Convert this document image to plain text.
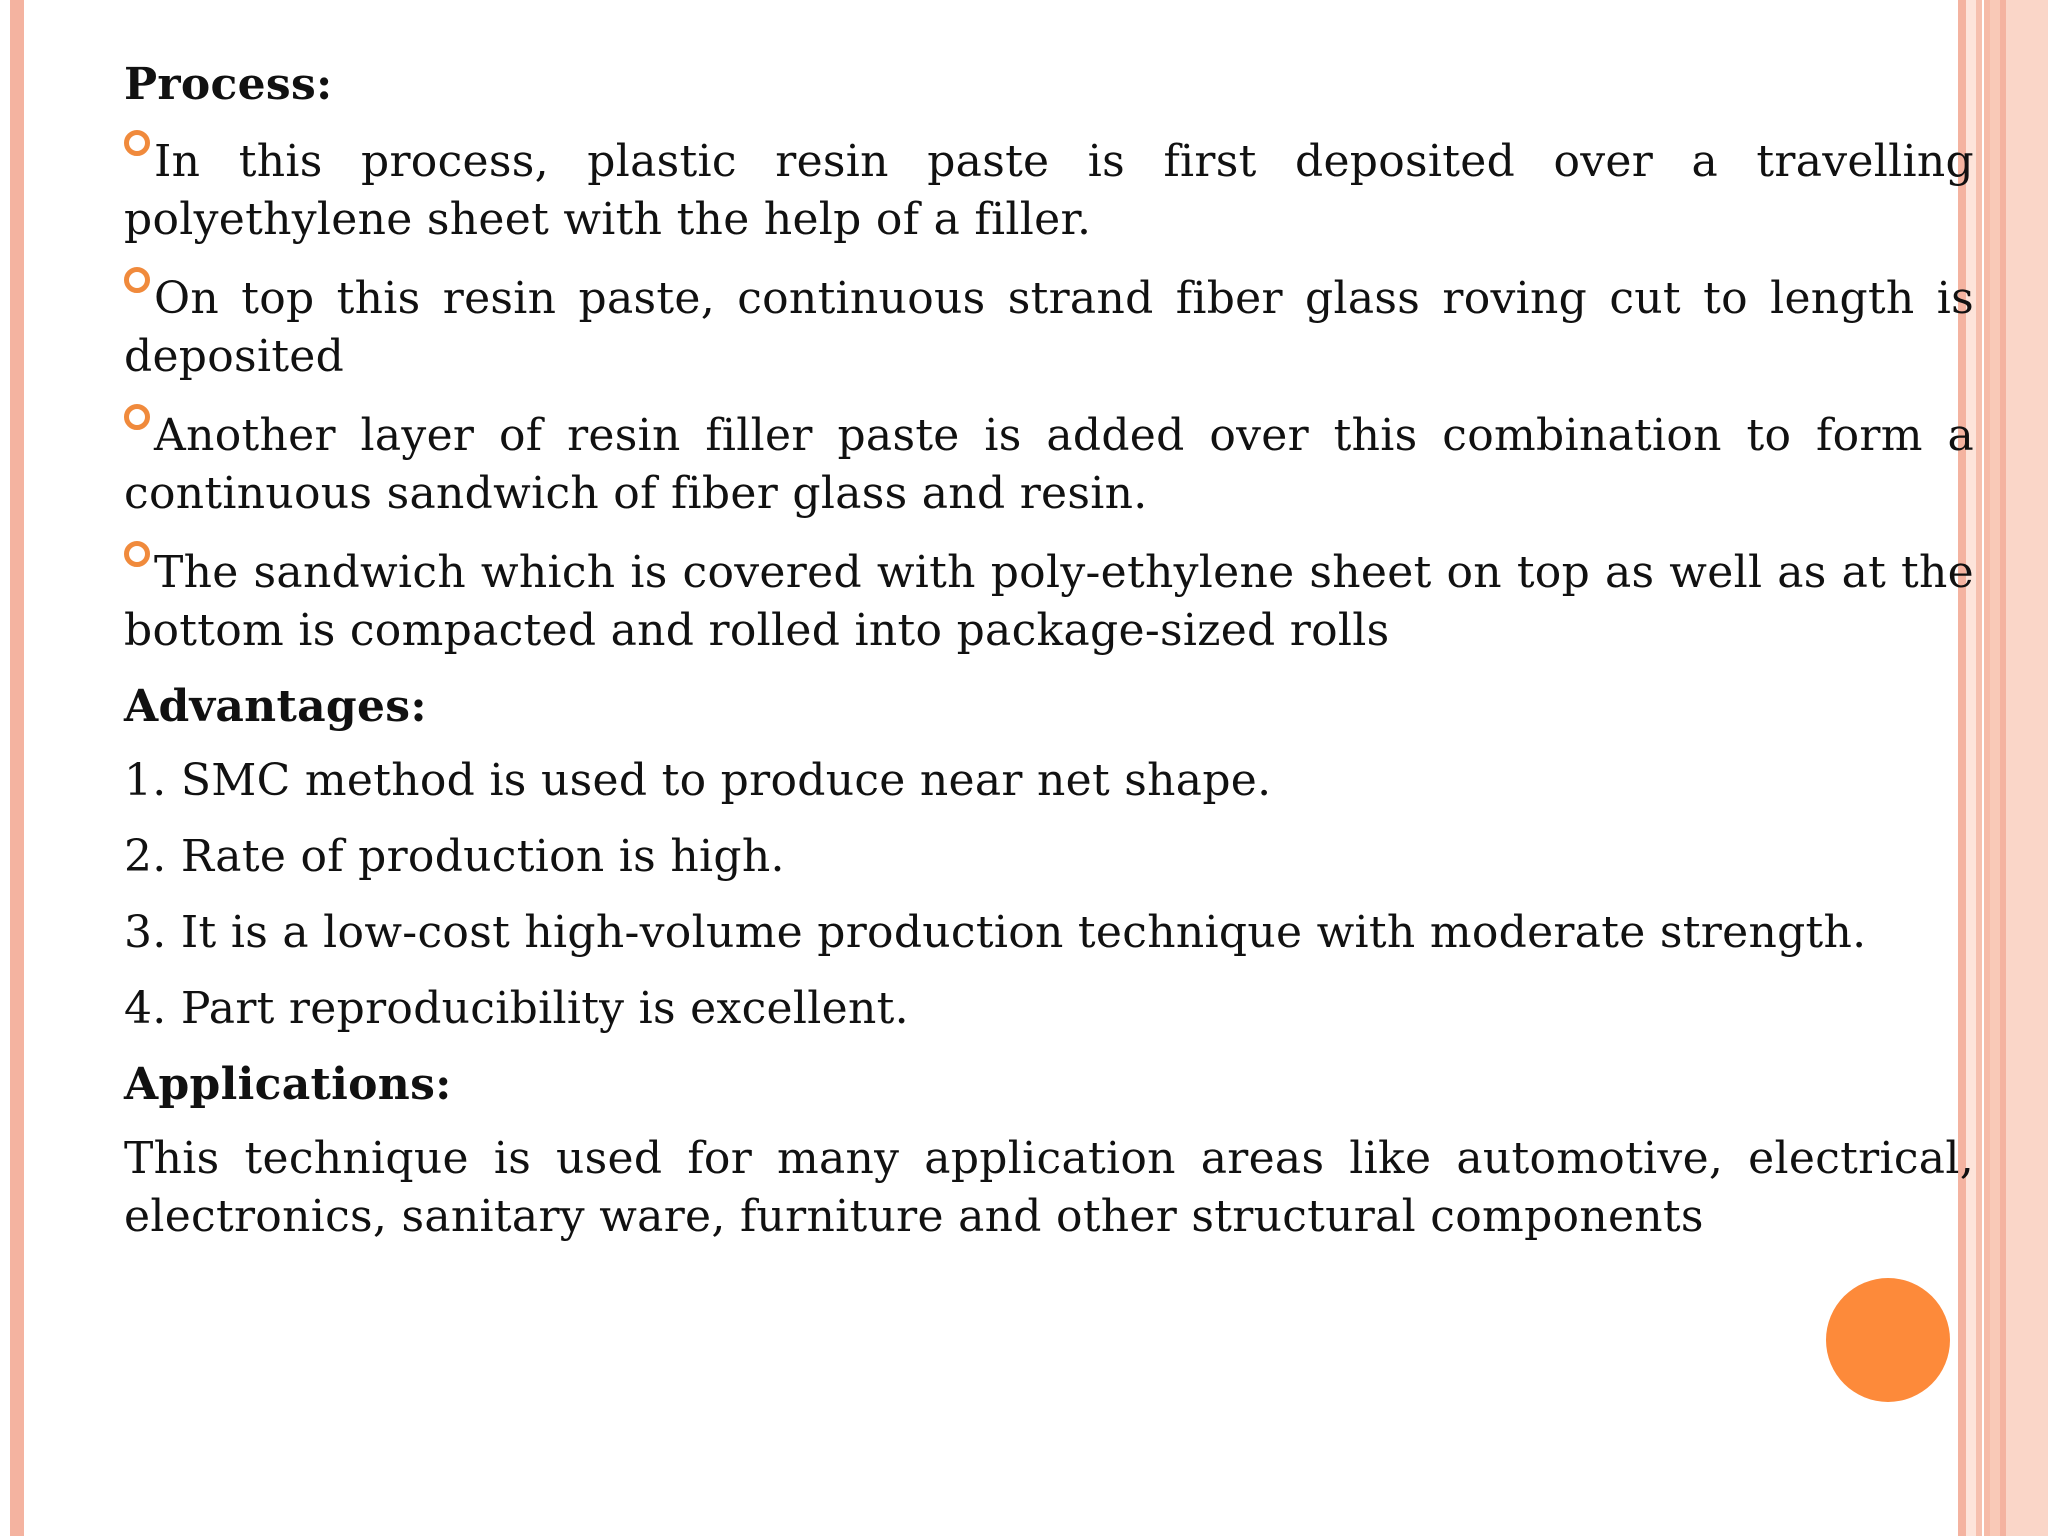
Process:
In this process, plastic resin paste is first deposited over a travelling polyethylene sheet with the help of a filler.
On top this resin paste, continuous strand fiber glass roving cut to length is deposited
Another layer of resin filler paste is added over this combination to form a continuous sandwich of fiber glass and resin.
The sandwich which is covered with poly-ethylene sheet on top as well as at the bottom is compacted and rolled into package-sized rolls
Advantages:
1. SMC method is used to produce near net shape.
2. Rate of production is high.
3. It is a low-cost high-volume production technique with moderate strength.
4. Part reproducibility is excellent.
Applications:
This technique is used for many application areas like automotive, electrical, electronics, sanitary ware, furniture and other structural components
